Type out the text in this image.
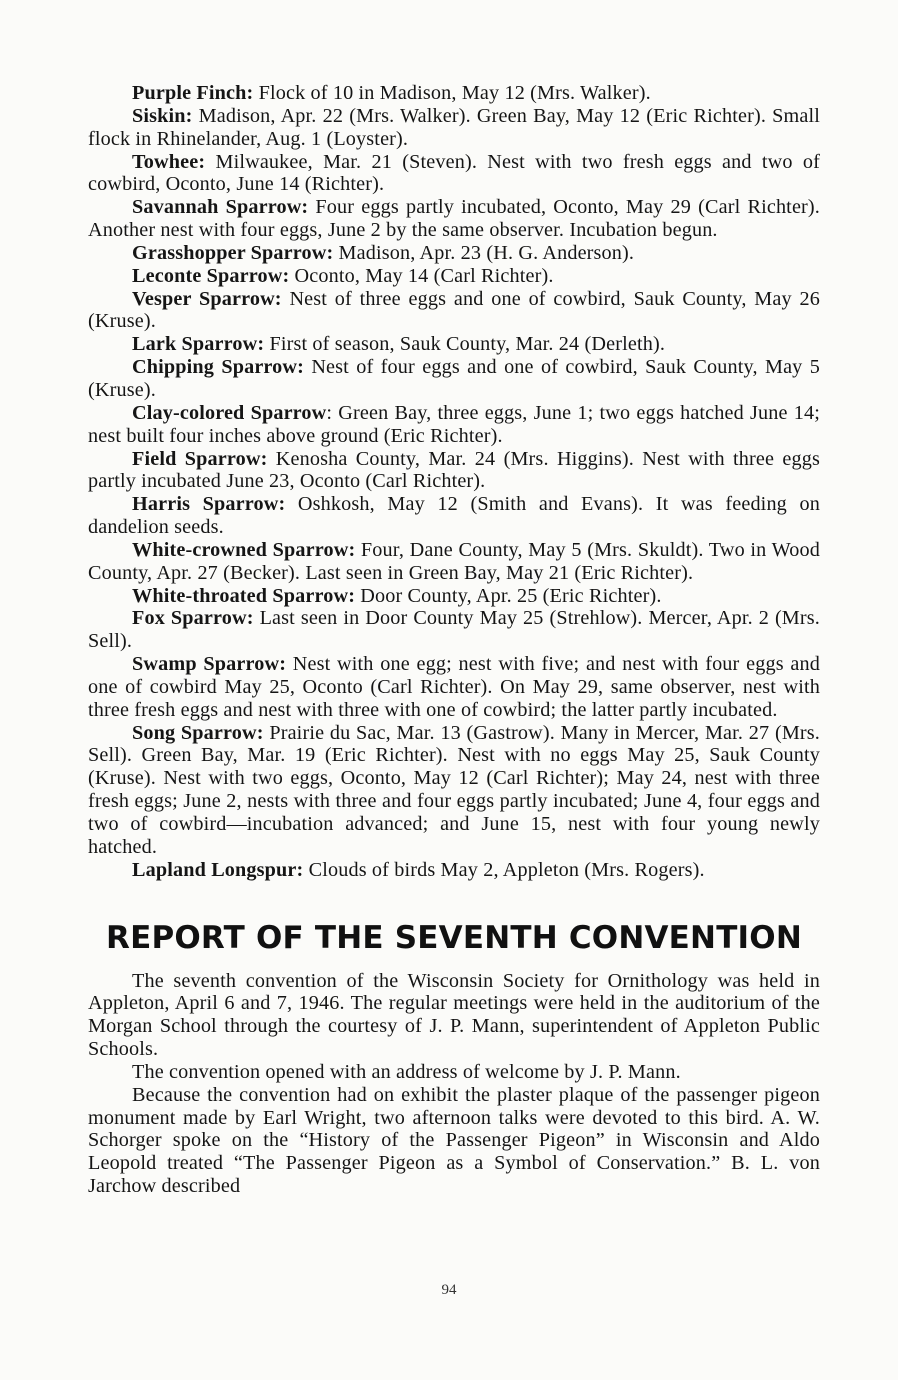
Purple Finch: Flock of 10 in Madison, May 12 (Mrs. Walker).

Siskin: Madison, Apr. 22 (Mrs. Walker). Green Bay, May 12 (Eric Richter). Small flock in Rhinelander, Aug. 1 (Loyster).

Towhee: Milwaukee, Mar. 21 (Steven). Nest with two fresh eggs and two of cowbird, Oconto, June 14 (Richter).

Savannah Sparrow: Four eggs partly incubated, Oconto, May 29 (Carl Richter). Another nest with four eggs, June 2 by the same observer. Incubation begun.

Grasshopper Sparrow: Madison, Apr. 23 (H. G. Anderson).

Leconte Sparrow: Oconto, May 14 (Carl Richter).

Vesper Sparrow: Nest of three eggs and one of cowbird, Sauk County, May 26 (Kruse).

Lark Sparrow: First of season, Sauk County, Mar. 24 (Derleth).

Chipping Sparrow: Nest of four eggs and one of cowbird, Sauk County, May 5 (Kruse).

Clay-colored Sparrow: Green Bay, three eggs, June 1; two eggs hatched June 14; nest built four inches above ground (Eric Richter).

Field Sparrow: Kenosha County, Mar. 24 (Mrs. Higgins). Nest with three eggs partly incubated June 23, Oconto (Carl Richter).

Harris Sparrow: Oshkosh, May 12 (Smith and Evans). It was feeding on dandelion seeds.

White-crowned Sparrow: Four, Dane County, May 5 (Mrs. Skuldt). Two in Wood County, Apr. 27 (Becker). Last seen in Green Bay, May 21 (Eric Richter).

White-throated Sparrow: Door County, Apr. 25 (Eric Richter).

Fox Sparrow: Last seen in Door County May 25 (Strehlow). Mercer, Apr. 2 (Mrs. Sell).

Swamp Sparrow: Nest with one egg; nest with five; and nest with four eggs and one of cowbird May 25, Oconto (Carl Richter). On May 29, same observer, nest with three fresh eggs and nest with three with one of cowbird; the latter partly incubated.

Song Sparrow: Prairie du Sac, Mar. 13 (Gastrow). Many in Mercer, Mar. 27 (Mrs. Sell). Green Bay, Mar. 19 (Eric Richter). Nest with no eggs May 25, Sauk County (Kruse). Nest with two eggs, Oconto, May 12 (Carl Richter); May 24, nest with three fresh eggs; June 2, nests with three and four eggs partly incubated; June 4, four eggs and two of cowbird—incubation advanced; and June 15, nest with four young newly hatched.

Lapland Longspur: Clouds of birds May 2, Appleton (Mrs. Rogers).

REPORT OF THE SEVENTH CONVENTION

The seventh convention of the Wisconsin Society for Ornithology was held in Appleton, April 6 and 7, 1946. The regular meetings were held in the auditorium of the Morgan School through the courtesy of J. P. Mann, superintendent of Appleton Public Schools.

The convention opened with an address of welcome by J. P. Mann.

Because the convention had on exhibit the plaster plaque of the passenger pigeon monument made by Earl Wright, two afternoon talks were devoted to this bird. A. W. Schorger spoke on the “History of the Passenger Pigeon” in Wisconsin and Aldo Leopold treated “The Passenger Pigeon as a Symbol of Conservation.” B. L. von Jarchow described

94
